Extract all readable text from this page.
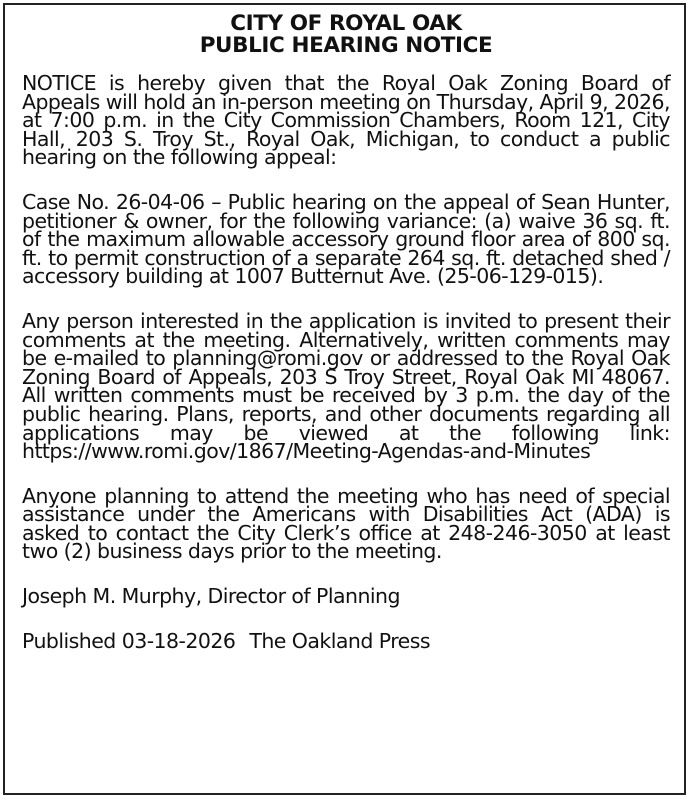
CITY OF ROYAL OAK
PUBLIC HEARING NOTICE

NOTICE is hereby given that the Royal Oak Zoning Board of Appeals will hold an in-person meeting on Thursday, April 9, 2026, at 7:00 p.m. in the City Commission Chambers, Room 121, City Hall, 203 S. Troy St., Royal Oak, Michigan, to conduct a public hearing on the following appeal:

Case No. 26-04-06 – Public hearing on the appeal of Sean Hunter, petitioner & owner, for the following variance: (a) waive 36 sq. ft. of the maximum allowable accessory ground floor area of 800 sq. ft. to permit construction of a separate 264 sq. ft. detached shed / accessory building at 1007 Butternut Ave. (25-06-129-015).

Any person interested in the application is invited to present their comments at the meeting. Alternatively, written comments may be e-mailed to planning@romi.gov or addressed to the Royal Oak Zoning Board of Appeals, 203 S Troy Street, Royal Oak MI 48067. All written comments must be received by 3 p.m. the day of the public hearing. Plans, reports, and other documents regarding all applications may be viewed at the following link: https://www.romi.gov/1867/Meeting-Agendas-and-Minutes

Anyone planning to attend the meeting who has need of special assistance under the Americans with Disabilities Act (ADA) is asked to contact the City Clerk’s office at 248-246-3050 at least two (2) business days prior to the meeting.

Joseph M. Murphy, Director of Planning

Published 03-18-2026 The Oakland Press
